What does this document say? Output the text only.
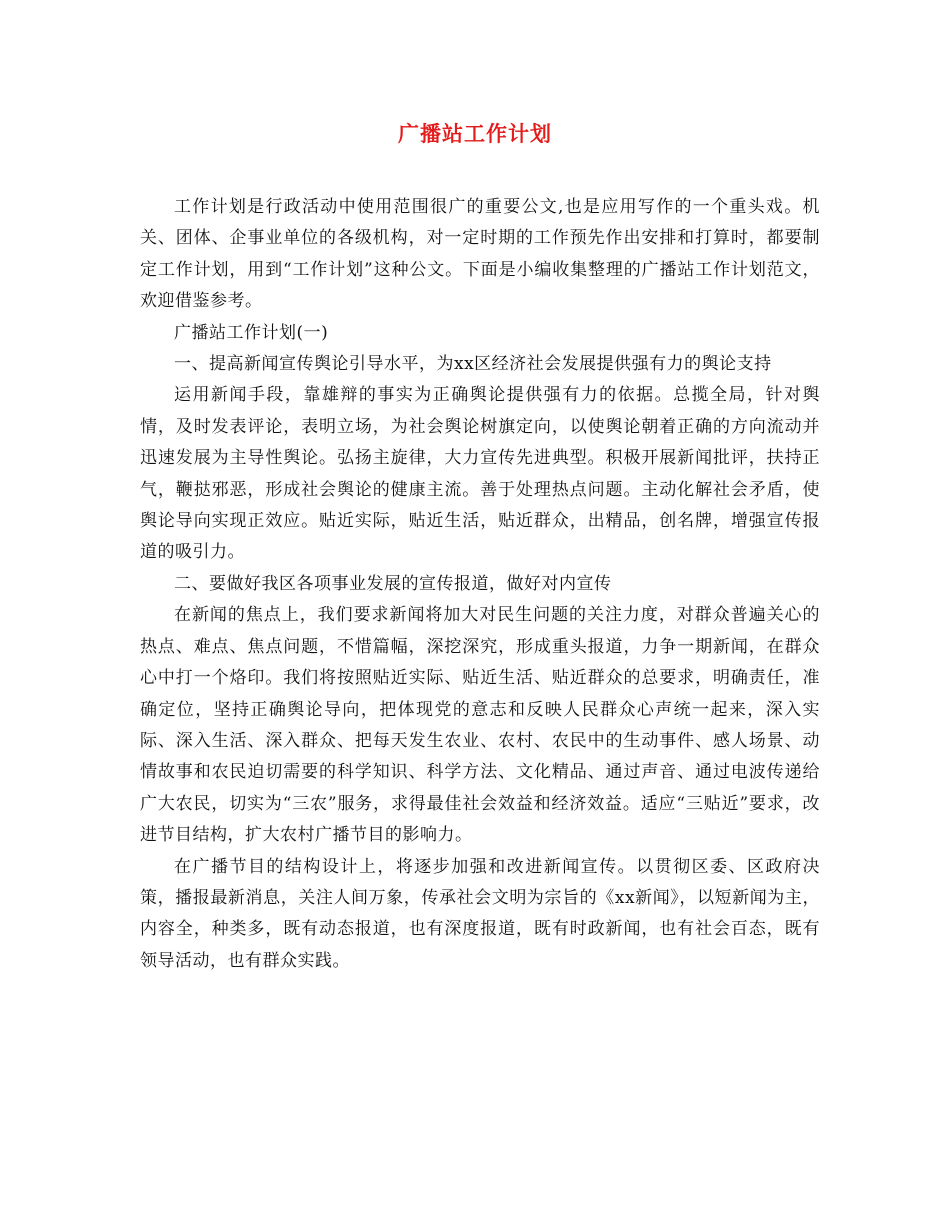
广播站工作计划

工作计划是行政活动中使用范围很广的重要公文,也是应用写作的一个重头戏。机关、团体、企事业单位的各级机构，对一定时期的工作预先作出安排和打算时，都要制定工作计划，用到“工作计划”这种公文。下面是小编收集整理的广播站工作计划范文，欢迎借鉴参考。

广播站工作计划(一)

一、提高新闻宣传舆论引导水平，为xx区经济社会发展提供强有力的舆论支持

运用新闻手段，靠雄辩的事实为正确舆论提供强有力的依据。总揽全局，针对舆情，及时发表评论，表明立场，为社会舆论树旗定向，以使舆论朝着正确的方向流动并迅速发展为主导性舆论。弘扬主旋律，大力宣传先进典型。积极开展新闻批评，扶持正气，鞭挞邪恶，形成社会舆论的健康主流。善于处理热点问题。主动化解社会矛盾，使舆论导向实现正效应。贴近实际，贴近生活，贴近群众，出精品，创名牌，增强宣传报道的吸引力。

二、要做好我区各项事业发展的宣传报道，做好对内宣传

在新闻的焦点上，我们要求新闻将加大对民生问题的关注力度，对群众普遍关心的热点、难点、焦点问题，不惜篇幅，深挖深究，形成重头报道，力争一期新闻，在群众心中打一个烙印。我们将按照贴近实际、贴近生活、贴近群众的总要求，明确责任，准确定位，坚持正确舆论导向，把体现党的意志和反映人民群众心声统一起来，深入实际、深入生活、深入群众、把每天发生农业、农村、农民中的生动事件、感人场景、动情故事和农民迫切需要的科学知识、科学方法、文化精品、通过声音、通过电波传递给广大农民，切实为“三农”服务，求得最佳社会效益和经济效益。适应“三贴近”要求，改进节目结构，扩大农村广播节目的影响力。

在广播节目的结构设计上，将逐步加强和改进新闻宣传。以贯彻区委、区政府决策，播报最新消息，关注人间万象，传承社会文明为宗旨的《xx新闻》，以短新闻为主，内容全，种类多，既有动态报道，也有深度报道，既有时政新闻，也有社会百态，既有领导活动，也有群众实践。
